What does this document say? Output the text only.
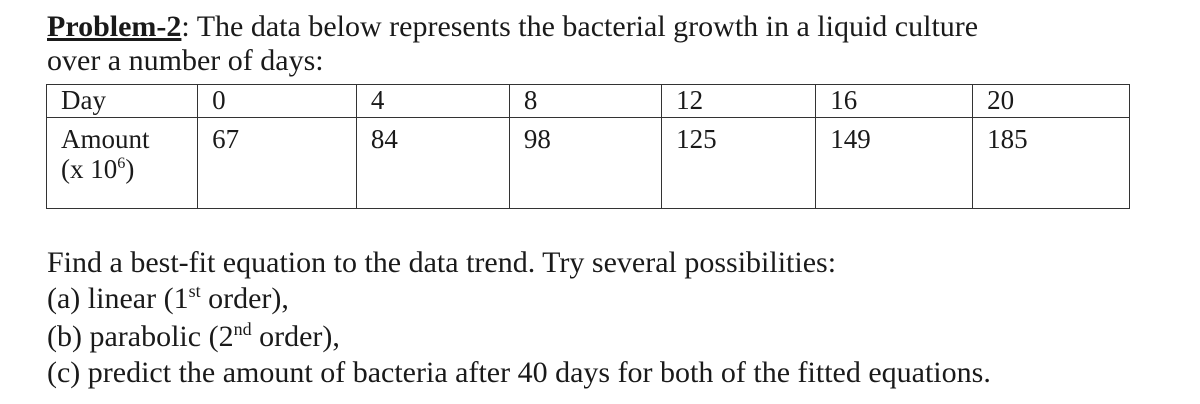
Problem-2: The data below represents the bacterial growth in a liquid culture
over a number of days:
Day	0	4	8	12	16	20

Amount
(x $10^6$)	67	84	98	125	149	185
Find a best-fit equation to the data trend. Try several possibilities:
(a) linear (1st order),
(b) parabolic (2nd order),
(c) predict the amount of bacteria after 40 days for both of the fitted equations.
